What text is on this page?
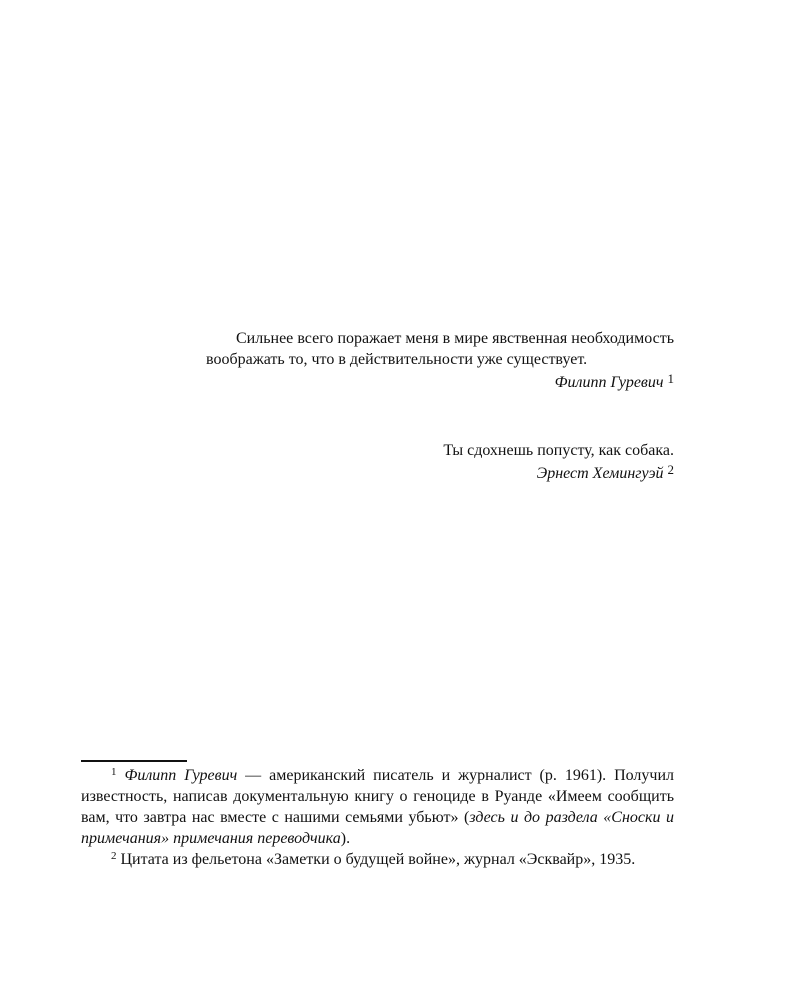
Сильнее всего поражает меня в мире явственная необходимость воображать то, что в действительности уже существует.

Филипп Гуревич $^1$

Ты сдохнешь попусту, как собака.

Эрнест Хемингуэй $^2$

$^1$ Филипп Гуревич — американский писатель и журналист (р. 1961). Получил известность, написав документальную книгу о геноциде в Руанде «Имеем сообщить вам, что завтра нас вместе с нашими семьями убьют» (здесь и до раздела «Сноски и примечания» примечания переводчика).

$^2$ Цитата из фельетона «Заметки о будущей войне», журнал «Эсквайр», 1935.
